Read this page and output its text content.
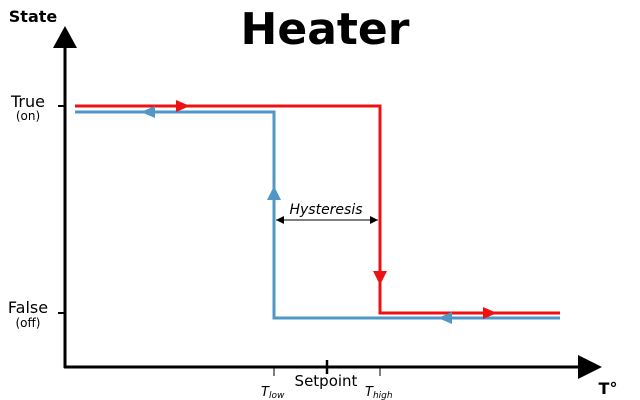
Heater
State
T°
True
(on)
False
(off)
Tlow
Setpoint
Thigh
Hysteresis
